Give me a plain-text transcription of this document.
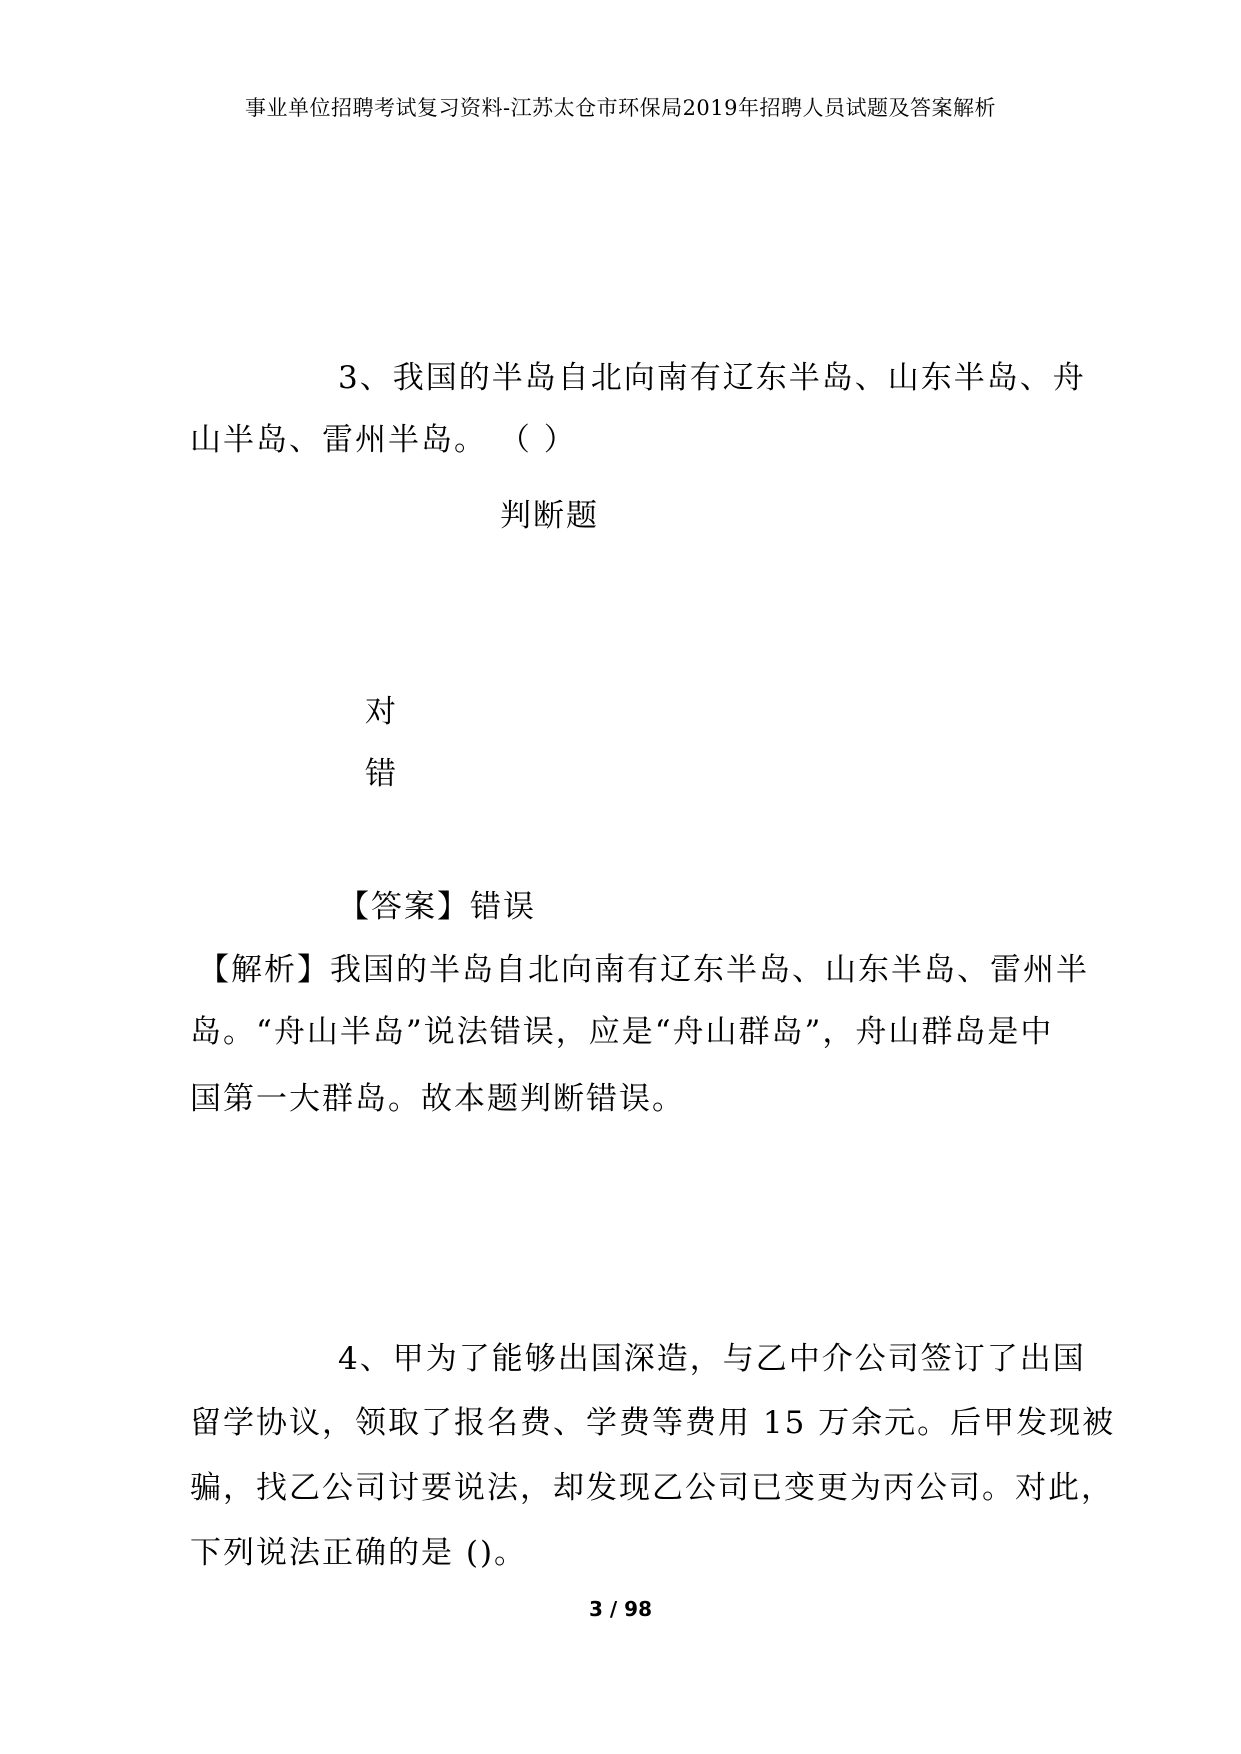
事业单位招聘考试复习资料-江苏太仓市环保局2019年招聘人员试题及答案解析
3、我国的半岛自北向南有辽东半岛、山东半岛、舟
山半岛、雷州半岛。 （ ）
判断题
对
错
【答案】错误
【解析】我国的半岛自北向南有辽东半岛、山东半岛、雷州半
岛。“舟山半岛”说法错误，应是“舟山群岛”，舟山群岛是中
国第一大群岛。故本题判断错误。
4、甲为了能够出国深造，与乙中介公司签订了出国
留学协议，领取了报名费、学费等费用 15 万余元。后甲发现被
骗，找乙公司讨要说法，却发现乙公司已变更为丙公司。对此，
下列说法正确的是 ()。
3 / 98
